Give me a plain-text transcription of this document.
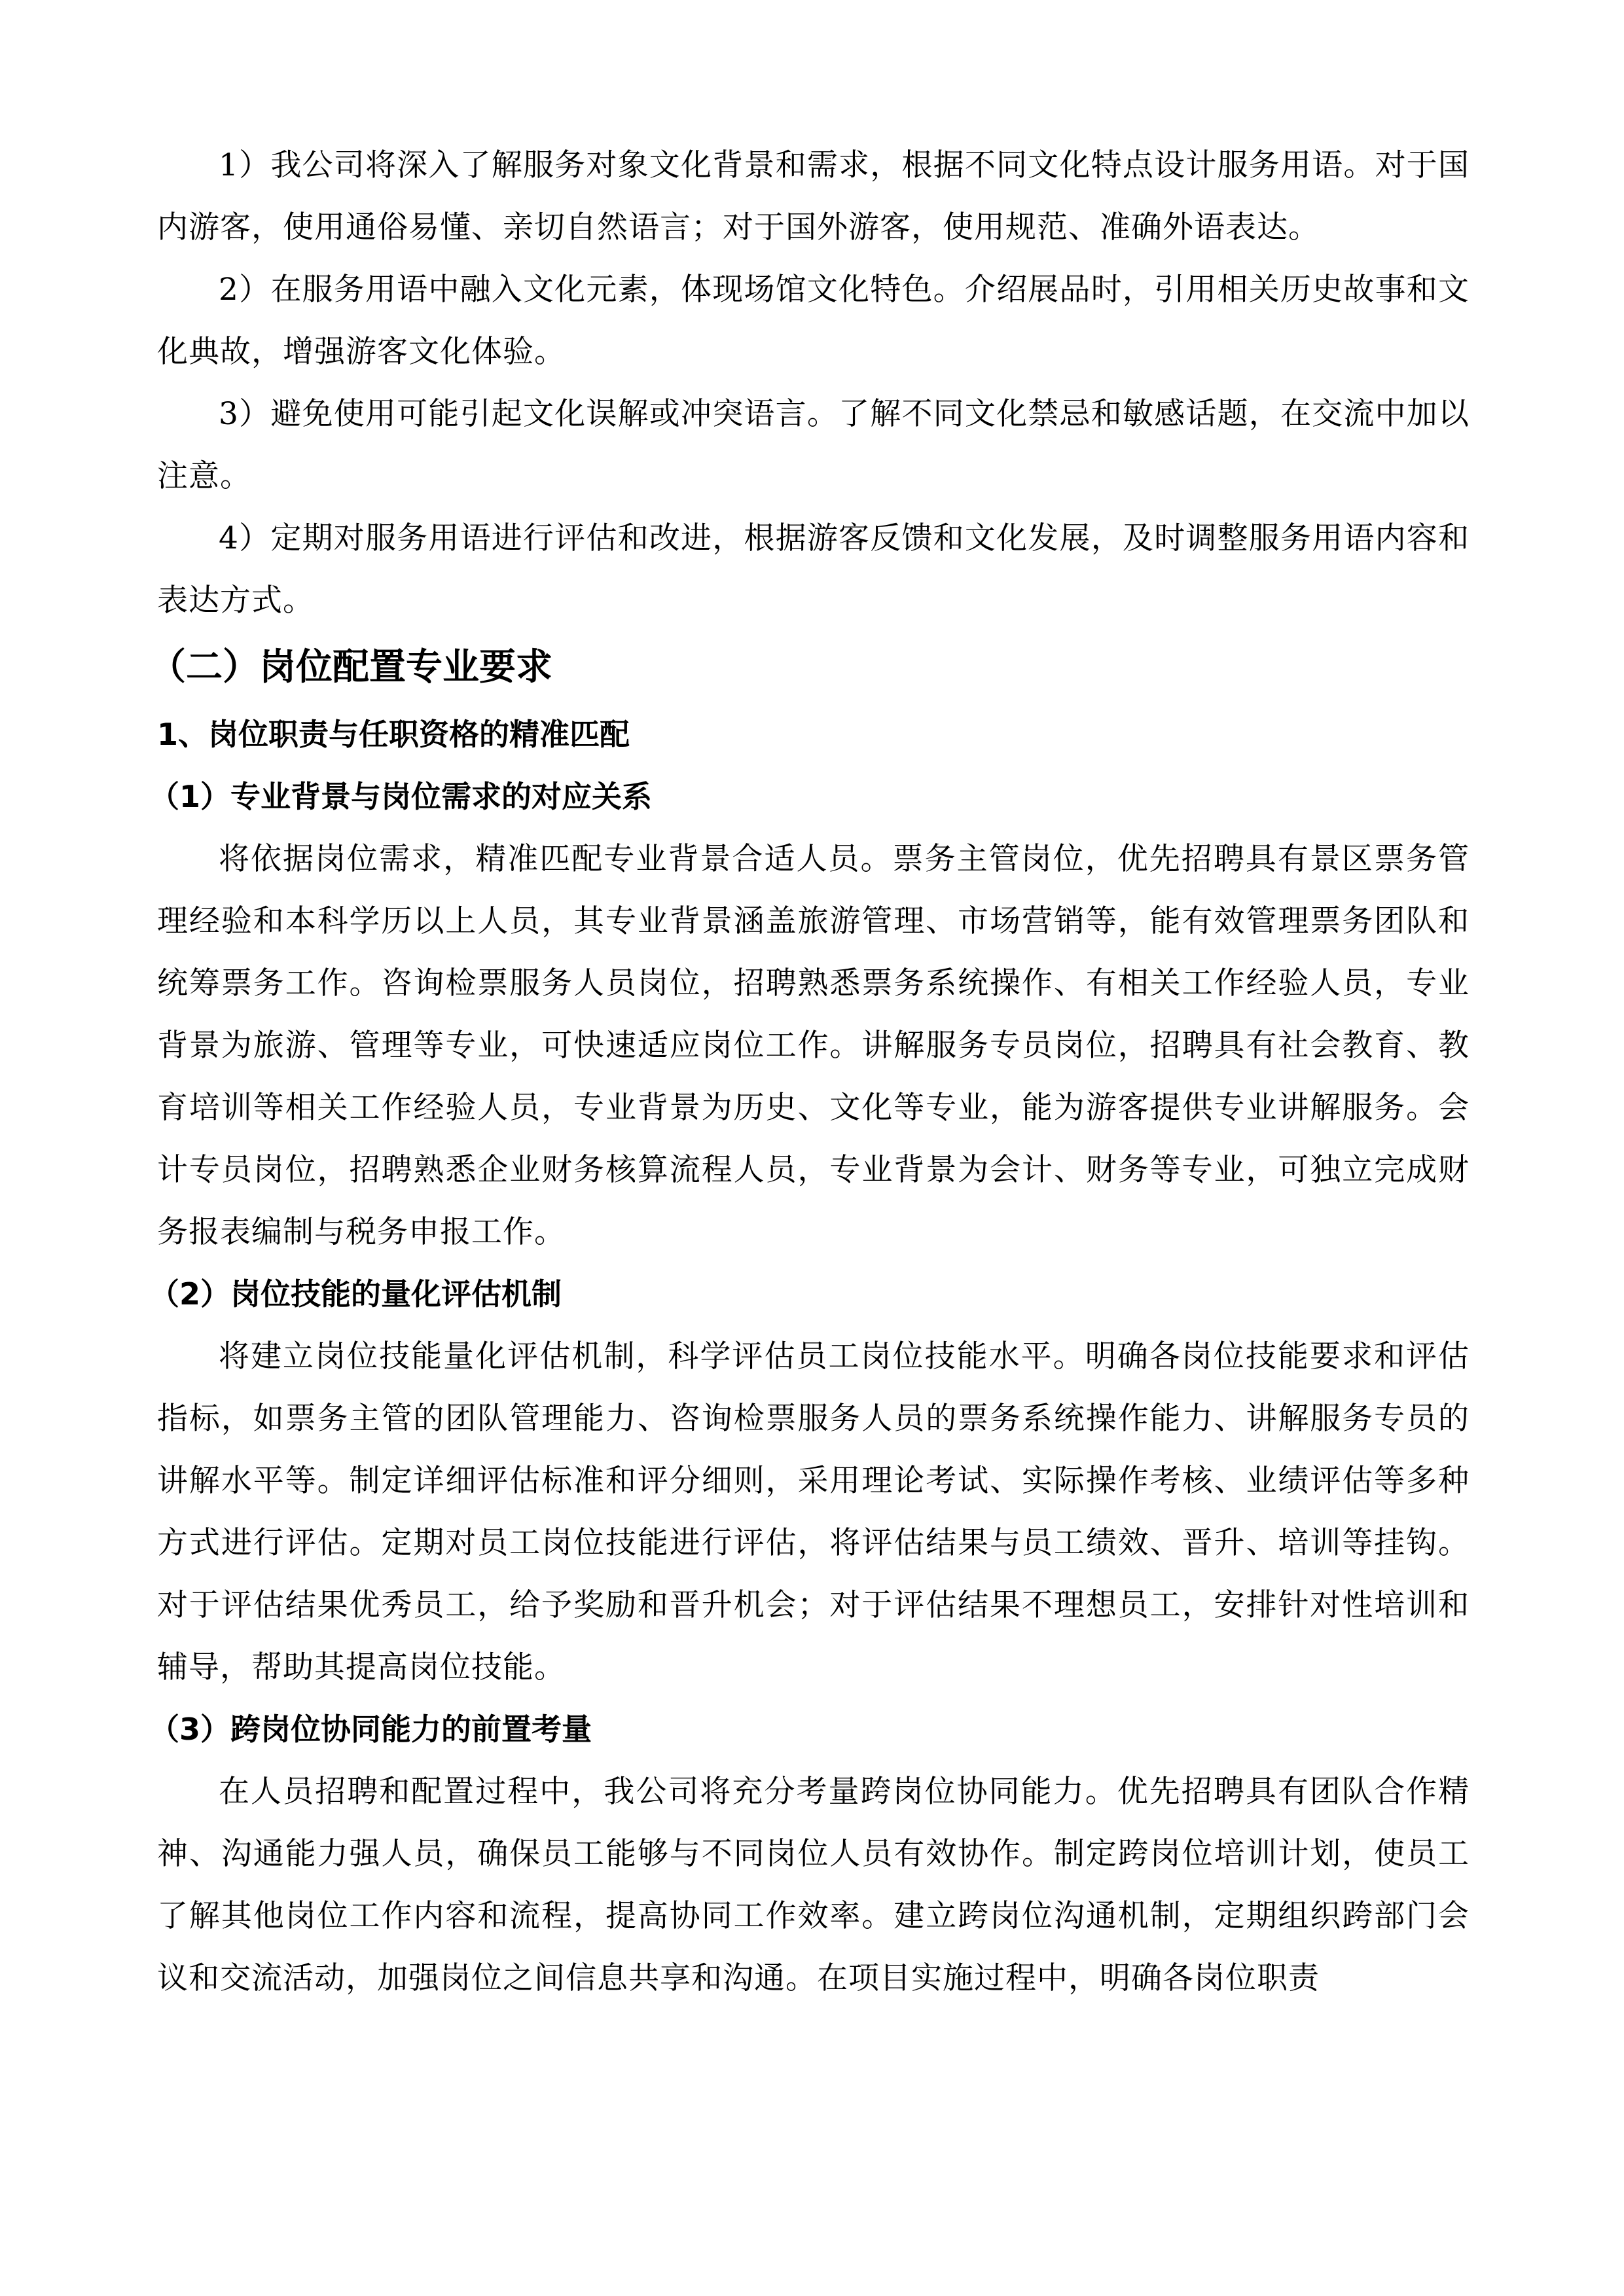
1）我公司将深入了解服务对象文化背景和需求，根据不同文化特点设计服务用语。对于国内游客，使用通俗易懂、亲切自然语言；对于国外游客，使用规范、准确外语表达。

2）在服务用语中融入文化元素，体现场馆文化特色。介绍展品时，引用相关历史故事和文化典故，增强游客文化体验。

3）避免使用可能引起文化误解或冲突语言。了解不同文化禁忌和敏感话题，在交流中加以注意。

4）定期对服务用语进行评估和改进，根据游客反馈和文化发展，及时调整服务用语内容和表达方式。

（二）岗位配置专业要求
1、岗位职责与任职资格的精准匹配
（1）专业背景与岗位需求的对应关系

将依据岗位需求，精准匹配专业背景合适人员。票务主管岗位，优先招聘具有景区票务管理经验和本科学历以上人员，其专业背景涵盖旅游管理、市场营销等，能有效管理票务团队和统筹票务工作。咨询检票服务人员岗位，招聘熟悉票务系统操作、有相关工作经验人员，专业背景为旅游、管理等专业，可快速适应岗位工作。讲解服务专员岗位，招聘具有社会教育、教育培训等相关工作经验人员，专业背景为历史、文化等专业，能为游客提供专业讲解服务。会计专员岗位，招聘熟悉企业财务核算流程人员，专业背景为会计、财务等专业，可独立完成财务报表编制与税务申报工作。

（2）岗位技能的量化评估机制

将建立岗位技能量化评估机制，科学评估员工岗位技能水平。明确各岗位技能要求和评估指标，如票务主管的团队管理能力、咨询检票服务人员的票务系统操作能力、讲解服务专员的讲解水平等。制定详细评估标准和评分细则，采用理论考试、实际操作考核、业绩评估等多种方式进行评估。定期对员工岗位技能进行评估，将评估结果与员工绩效、晋升、培训等挂钩。对于评估结果优秀员工，给予奖励和晋升机会；对于评估结果不理想员工，安排针对性培训和辅导，帮助其提高岗位技能。

（3）跨岗位协同能力的前置考量

在人员招聘和配置过程中，我公司将充分考量跨岗位协同能力。优先招聘具有团队合作精神、沟通能力强人员，确保员工能够与不同岗位人员有效协作。制定跨岗位培训计划，使员工了解其他岗位工作内容和流程，提高协同工作效率。建立跨岗位沟通机制，定期组织跨部门会议和交流活动，加强岗位之间信息共享和沟通。在项目实施过程中，明确各岗位职责
